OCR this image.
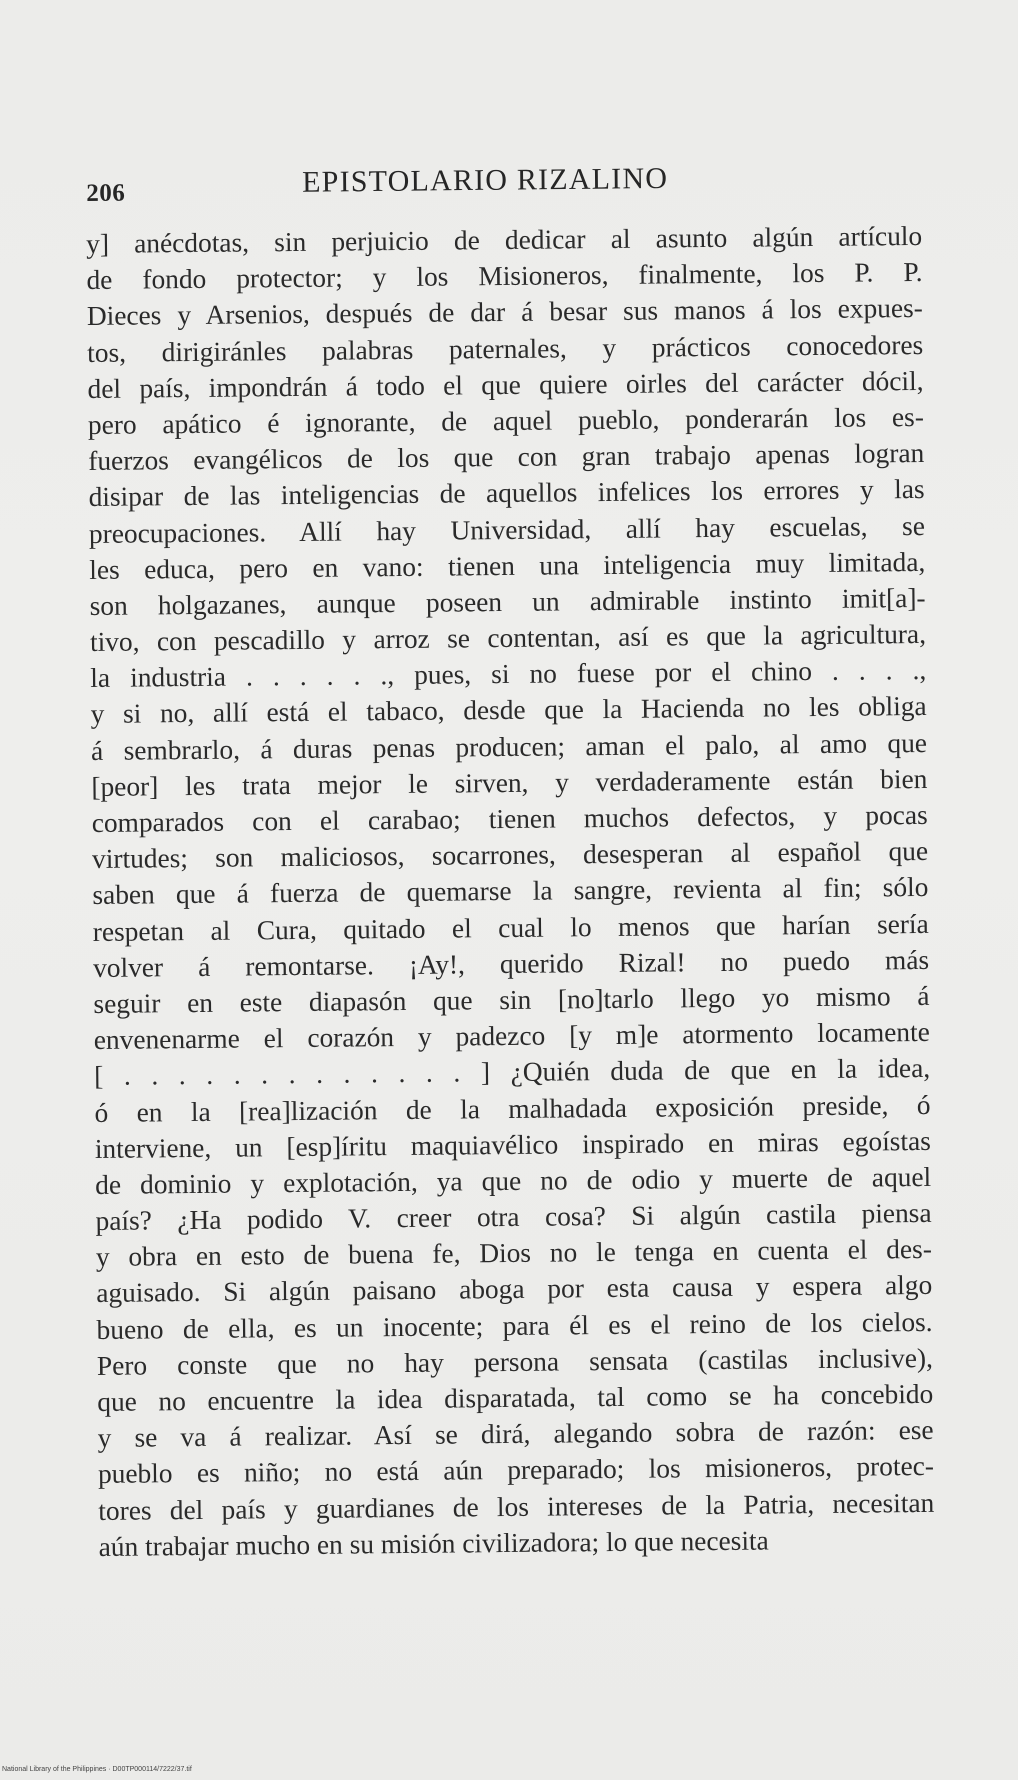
206	EPISTOLARIO RIZALINO
y] anécdotas, sin perjuicio de dedicar al asunto algún artículo
de fondo protector; y los Misioneros, finalmente, los P. P.
Dieces y Arsenios, después de dar á besar sus manos á los expues-
tos, dirigiránles palabras paternales, y prácticos conocedores
del país, impondrán á todo el que quiere oirles del carácter dócil,
pero apático é ignorante, de aquel pueblo, ponderarán los es-
fuerzos evangélicos de los que con gran trabajo apenas logran
disipar de las inteligencias de aquellos infelices los errores y las
preocupaciones. Allí hay Universidad, allí hay escuelas, se
les educa, pero en vano: tienen una inteligencia muy limitada,
son holgazanes, aunque poseen un admirable instinto imit[a]-
tivo, con pescadillo y arroz se contentan, así es que la agricultura,
la industria . . . . . ., pues, si no fuese por el chino . . . .,
y si no, allí está el tabaco, desde que la Hacienda no les obliga
á sembrarlo, á duras penas producen; aman el palo, al amo que
[peor] les trata mejor le sirven, y verdaderamente están bien
comparados con el carabao; tienen muchos defectos, y pocas
virtudes; son maliciosos, socarrones, desesperan al español que
saben que á fuerza de quemarse la sangre, revienta al fin; sólo
respetan al Cura, quitado el cual lo menos que harían sería
volver á remontarse. ¡Ay!, querido Rizal! no puedo más
seguir en este diapasón que sin [no]tarlo llego yo mismo á
envenenarme el corazón y padezco [y m]e atormento locamente
[ . . . . . . . . . . . . . ] ¿Quién duda de que en la idea,
ó en la [rea]lización de la malhadada exposición preside, ó
interviene, un [esp]íritu maquiavélico inspirado en miras egoístas
de dominio y explotación, ya que no de odio y muerte de aquel
país? ¿Ha podido V. creer otra cosa? Si algún castila piensa
y obra en esto de buena fe, Dios no le tenga en cuenta el des-
aguisado. Si algún paisano aboga por esta causa y espera algo
bueno de ella, es un inocente; para él es el reino de los cielos.
Pero conste que no hay persona sensata (castilas inclusive),
que no encuentre la idea disparatada, tal como se ha concebido
y se va á realizar. Así se dirá, alegando sobra de razón: ese
pueblo es niño; no está aún preparado; los misioneros, protec-
tores del país y guardianes de los intereses de la Patria, necesitan
aún trabajar mucho en su misión civilizadora; lo que necesita
National Library of the Philippines · D00TP000114/7222/37.tif
